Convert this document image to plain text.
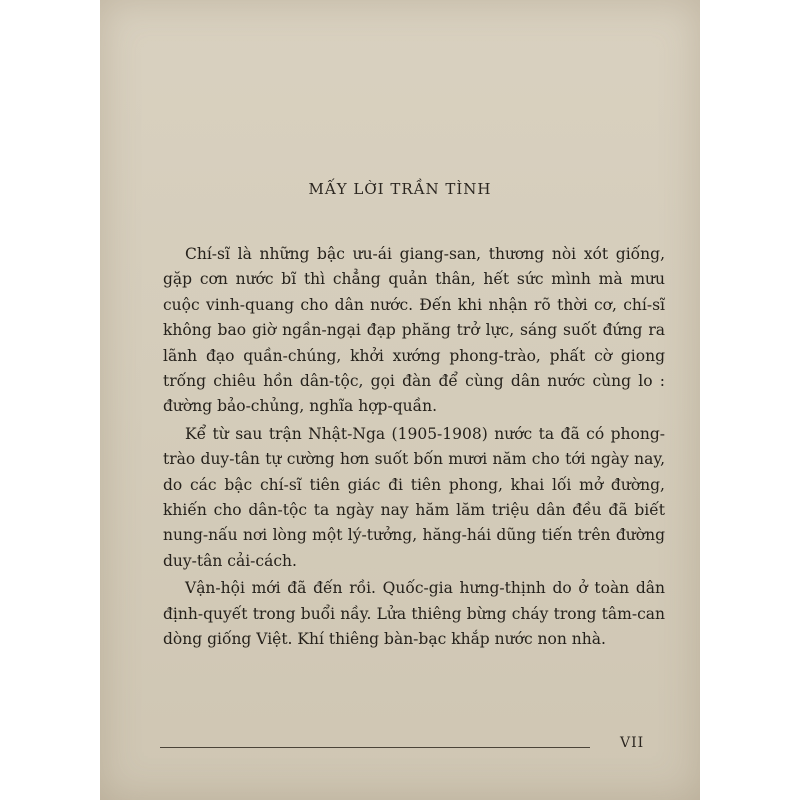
MẤY LỜI TRẦN TÌNH

Chí-sĩ là những bậc ưu-ái giang-san, thương nòi xót giống, gặp cơn nước bĩ thì chẳng quản thân, hết sức mình mà mưu cuộc vinh-quang cho dân nước. Đến khi nhận rõ thời cơ, chí-sĩ không bao giờ ngần-ngại đạp phăng trở lực, sáng suốt đứng ra lãnh đạo quần-chúng, khởi xướng phong-trào, phất cờ giong trống chiêu hồn dân-tộc, gọi đàn để cùng dân nước cùng lo : đường bảo-chủng, nghĩa hợp-quần.

Kể từ sau trận Nhật-Nga (1905-1908) nước ta đã có phong-trào duy-tân tự cường hơn suốt bốn mươi năm cho tới ngày nay, do các bậc chí-sĩ tiên giác đi tiên phong, khai lối mở đường, khiến cho dân-tộc ta ngày nay hăm lăm triệu dân đều đã biết nung-nấu nơi lòng một lý-tưởng, hăng-hái dũng tiến trên đường duy-tân cải-cách.

Vận-hội mới đã đến rồi. Quốc-gia hưng-thịnh do ở toàn dân định-quyết trong buổi nầy. Lửa thiêng bừng cháy trong tâm-can dòng giống Việt. Khí thiêng bàn-bạc khắp nước non nhà.

VII
